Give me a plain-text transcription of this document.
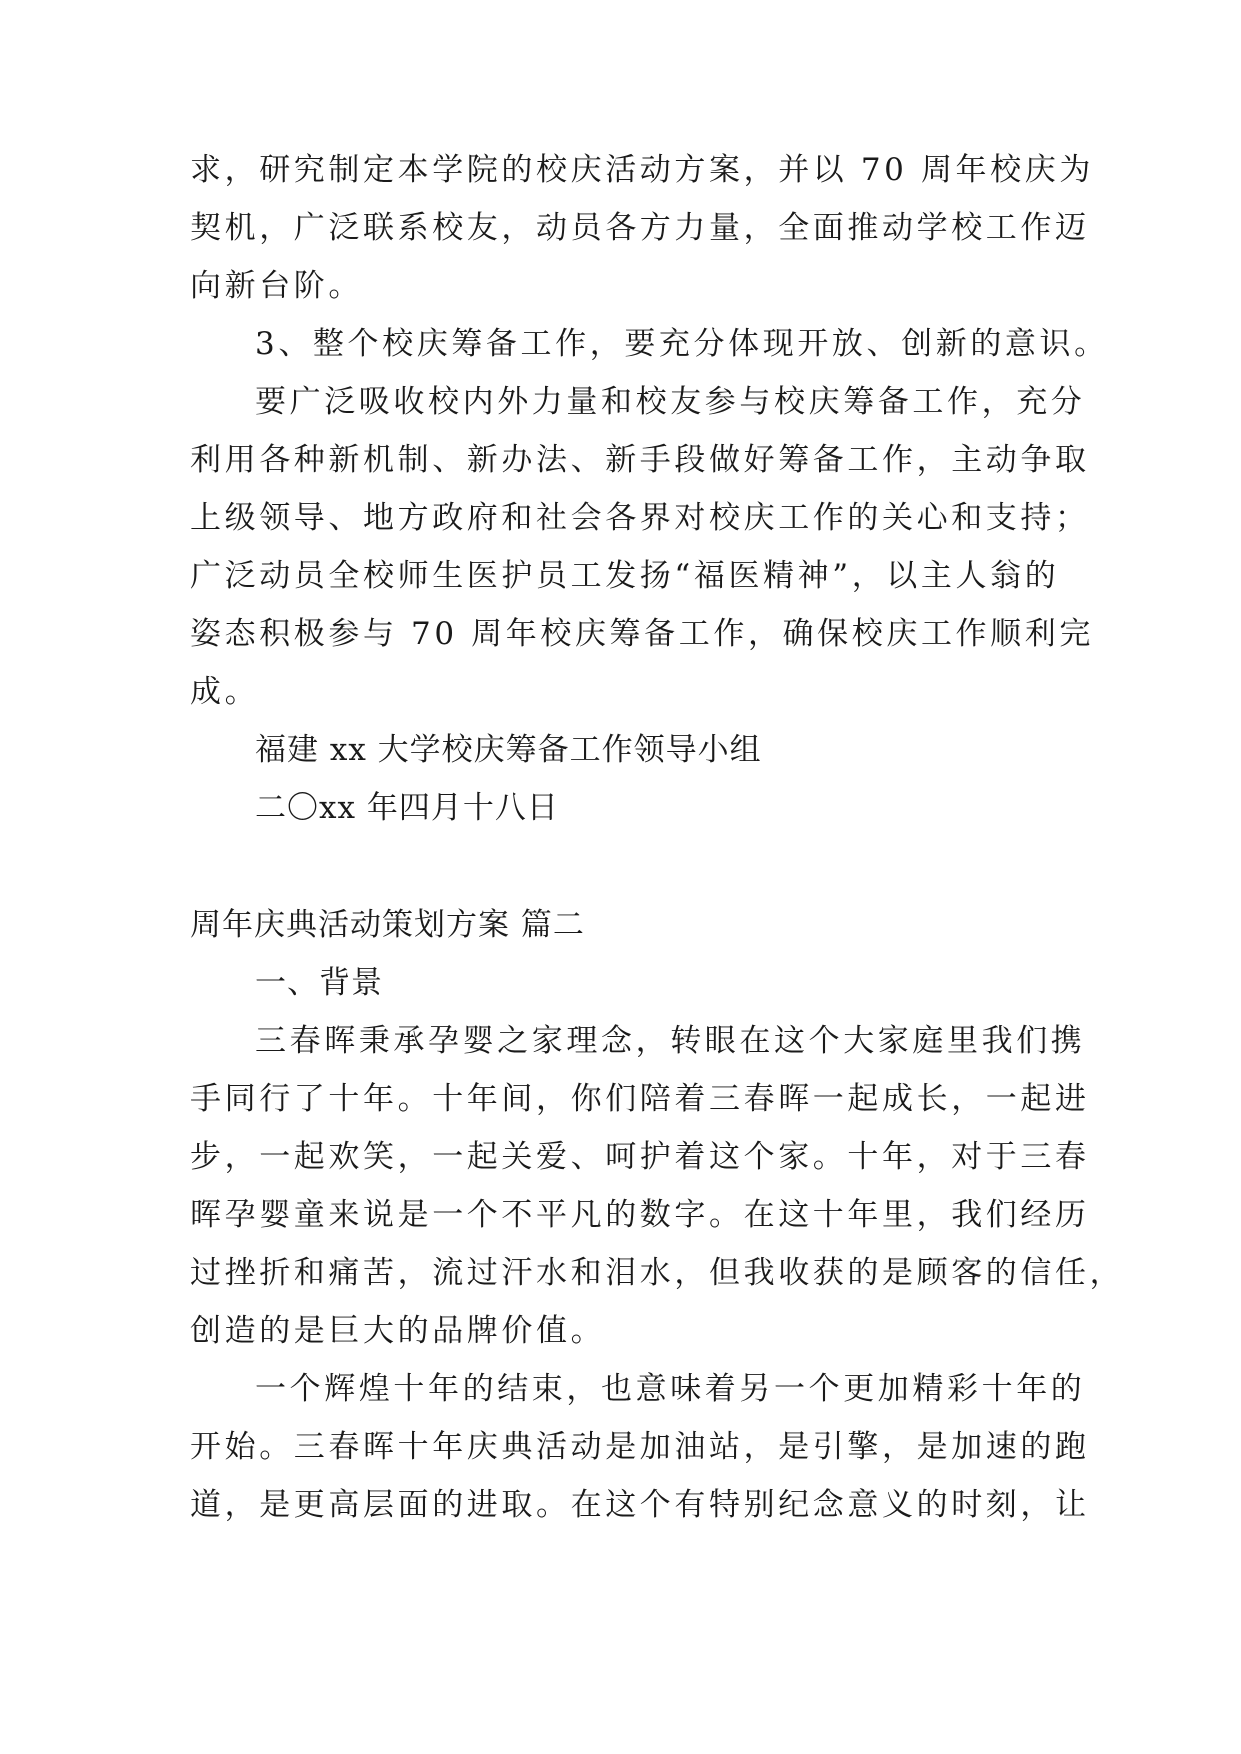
求，研究制定本学院的校庆活动方案，并以 70 周年校庆为
契机，广泛联系校友，动员各方力量，全面推动学校工作迈
向新台阶。
3、整个校庆筹备工作，要充分体现开放、创新的意识。
要广泛吸收校内外力量和校友参与校庆筹备工作，充分
利用各种新机制、新办法、新手段做好筹备工作，主动争取
上级领导、地方政府和社会各界对校庆工作的关心和支持；
广泛动员全校师生医护员工发扬“福医精神”，以主人翁的
姿态积极参与 70 周年校庆筹备工作，确保校庆工作顺利完
成。
福建 xx 大学校庆筹备工作领导小组
二〇xx 年四月十八日
周年庆典活动策划方案 篇二
一、背景
三春晖秉承孕婴之家理念，转眼在这个大家庭里我们携
手同行了十年。十年间，你们陪着三春晖一起成长，一起进
步，一起欢笑，一起关爱、呵护着这个家。十年，对于三春
晖孕婴童来说是一个不平凡的数字。在这十年里，我们经历
过挫折和痛苦，流过汗水和泪水，但我收获的是顾客的信任，
创造的是巨大的品牌价值。
一个辉煌十年的结束，也意味着另一个更加精彩十年的
开始。三春晖十年庆典活动是加油站，是引擎，是加速的跑
道，是更高层面的进取。在这个有特别纪念意义的时刻，让
